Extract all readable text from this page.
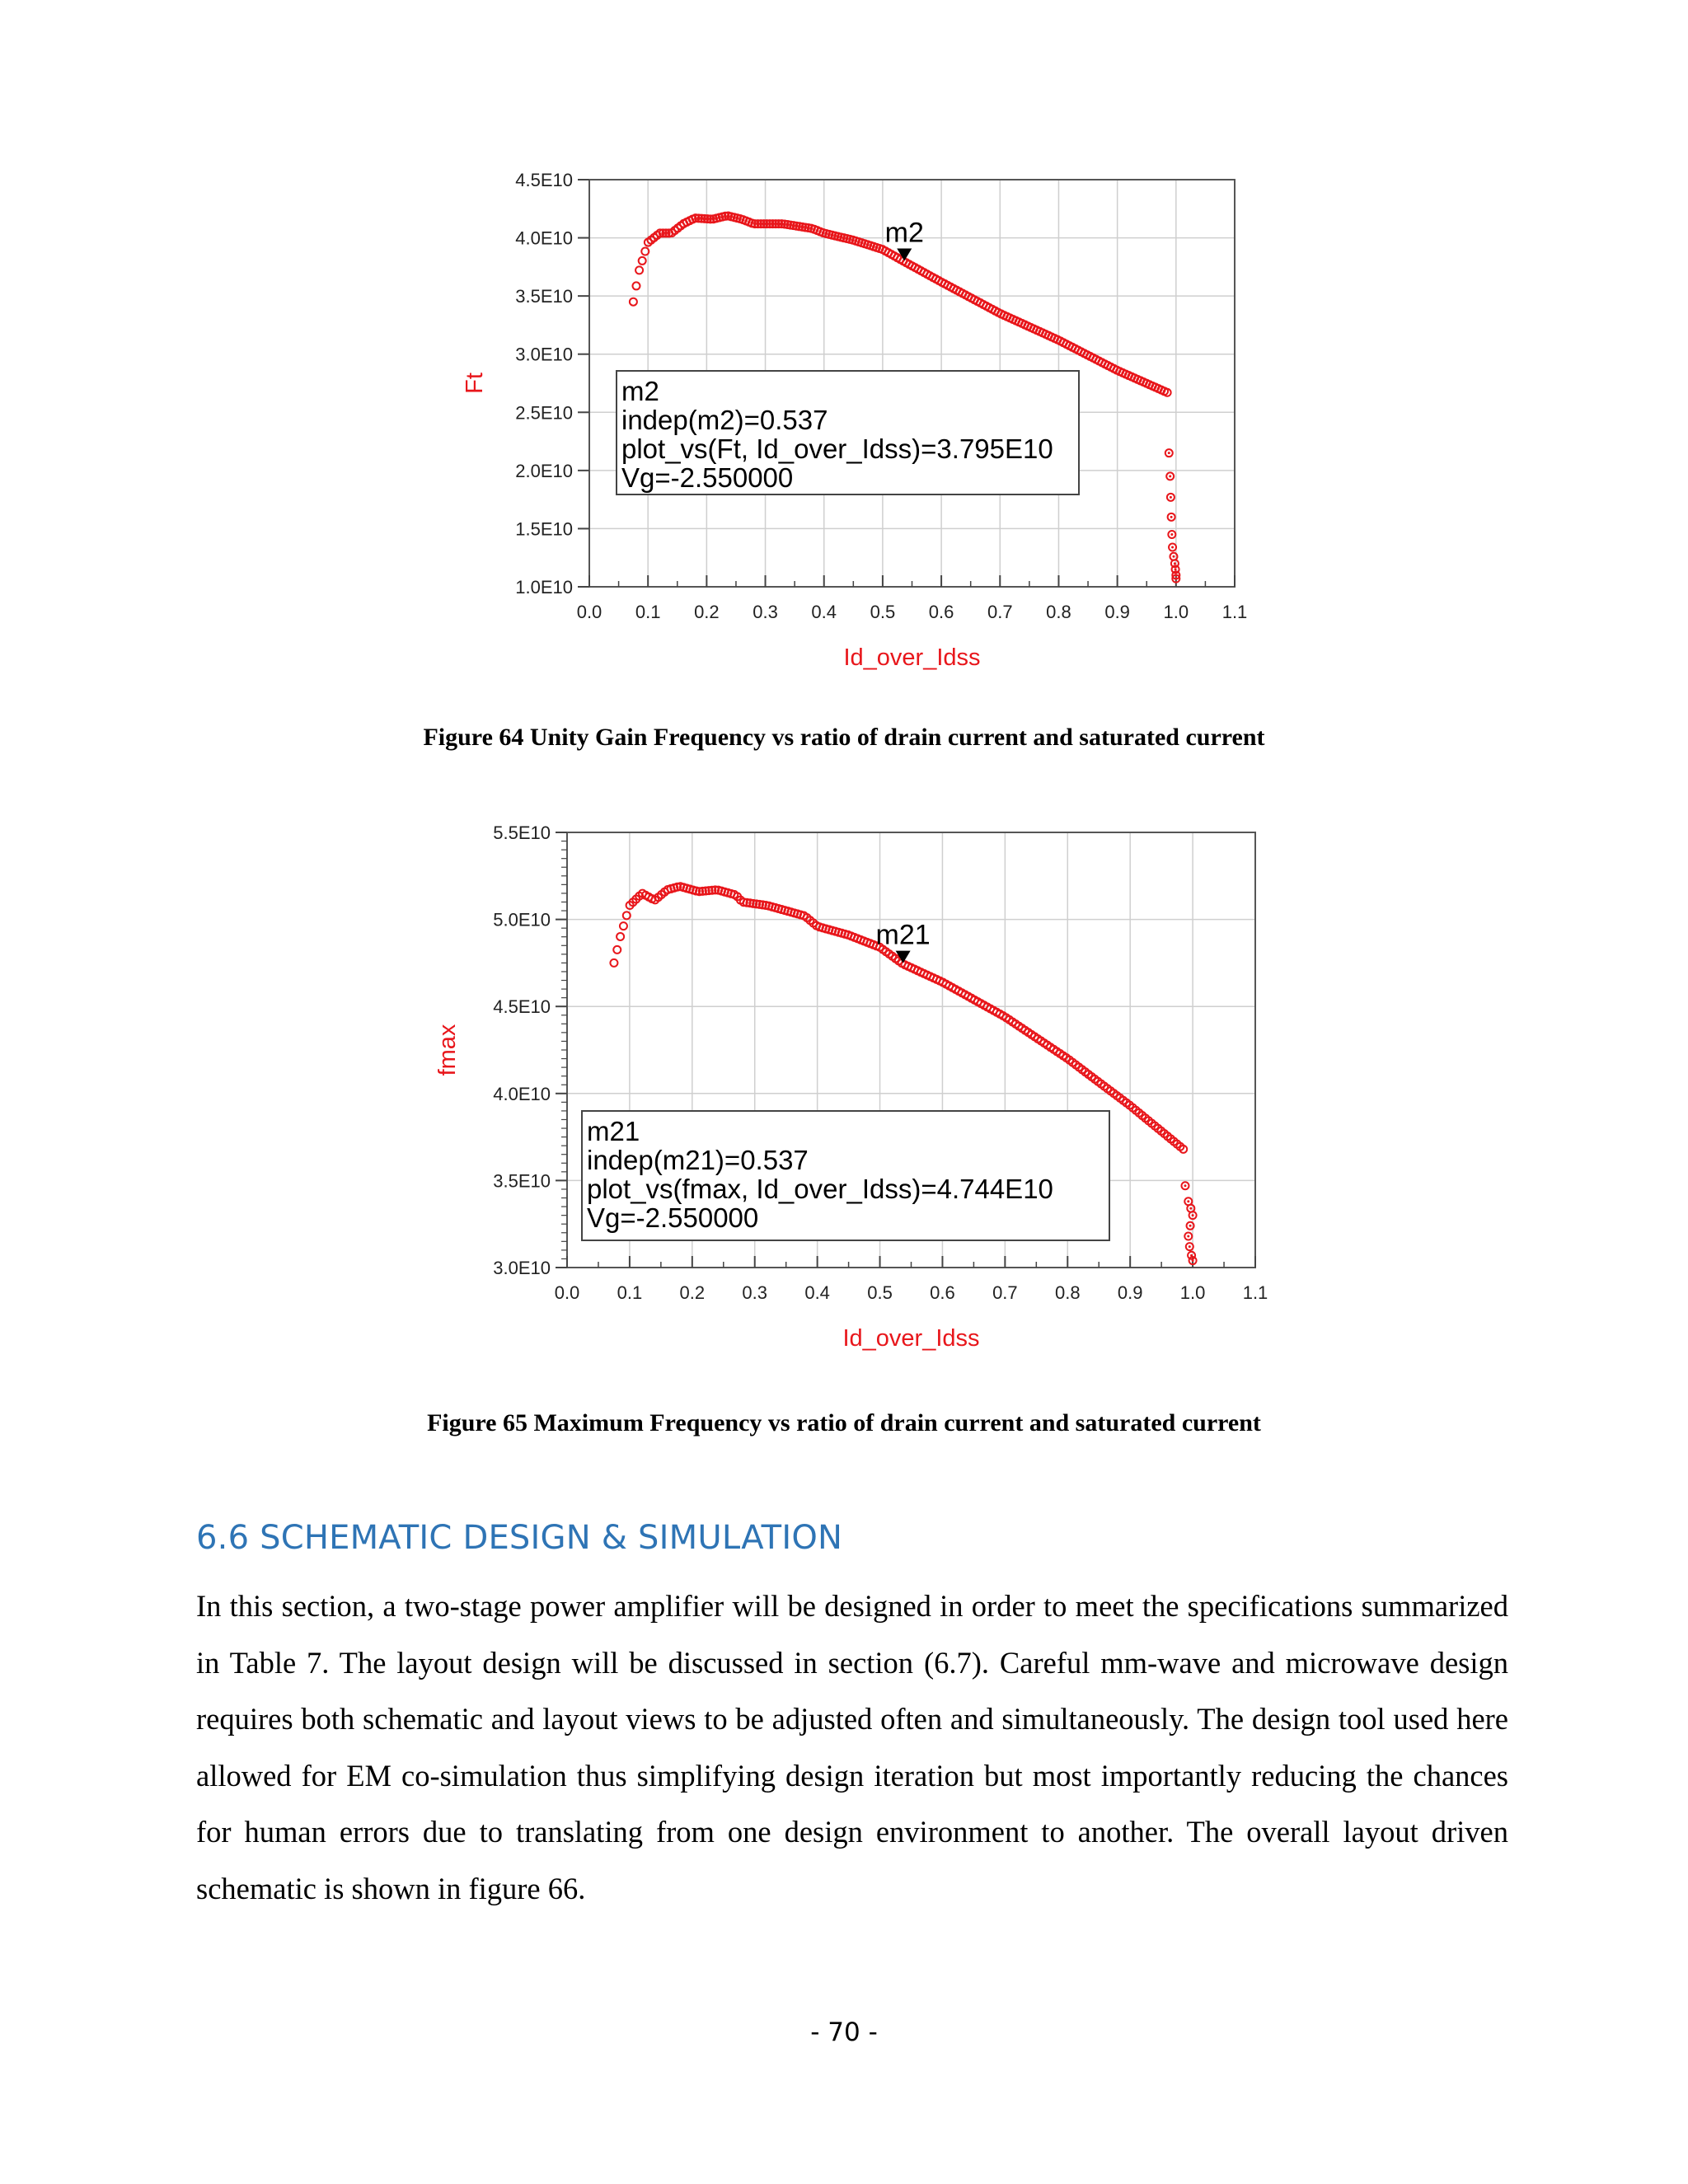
0.0 0.1 0.2 0.3 0.4 0.5 0.6 0.7 0.8 0.9 1.0 1.1
1.0E10
1.5E10
2.0E10
2.5E10
3.0E10
3.5E10
4.0E10
4.5E10
Id_over_Idss
Ft
m2
m2
indep(m2)=0.537
plot_vs(Ft, Id_over_Idss)=3.795E10
Vg=-2.550000
Figure 64 Unity Gain Frequency vs ratio of drain current and saturated current
0.0 0.1 0.2 0.3 0.4 0.5 0.6 0.7 0.8 0.9 1.0 1.1
3.0E10
3.5E10
4.0E10
4.5E10
5.0E10
5.5E10
Id_over_Idss
fmax
m21
m21
indep(m21)=0.537
plot_vs(fmax, Id_over_Idss)=4.744E10
Vg=-2.550000
Figure 65 Maximum Frequency vs ratio of drain current and saturated current
6.6 SCHEMATIC DESIGN & SIMULATION

In this section, a two-stage power amplifier will be designed in order to meet the specifications summarized in Table 7. The layout design will be discussed in section (6.7). Careful mm-wave and microwave design requires both schematic and layout views to be adjusted often and simultaneously. The design tool used here allowed for EM co-simulation thus simplifying design iteration but most importantly reducing the chances for human errors due to translating from one design environment to another. The overall layout driven schematic is shown in figure 66.

- 70 -
